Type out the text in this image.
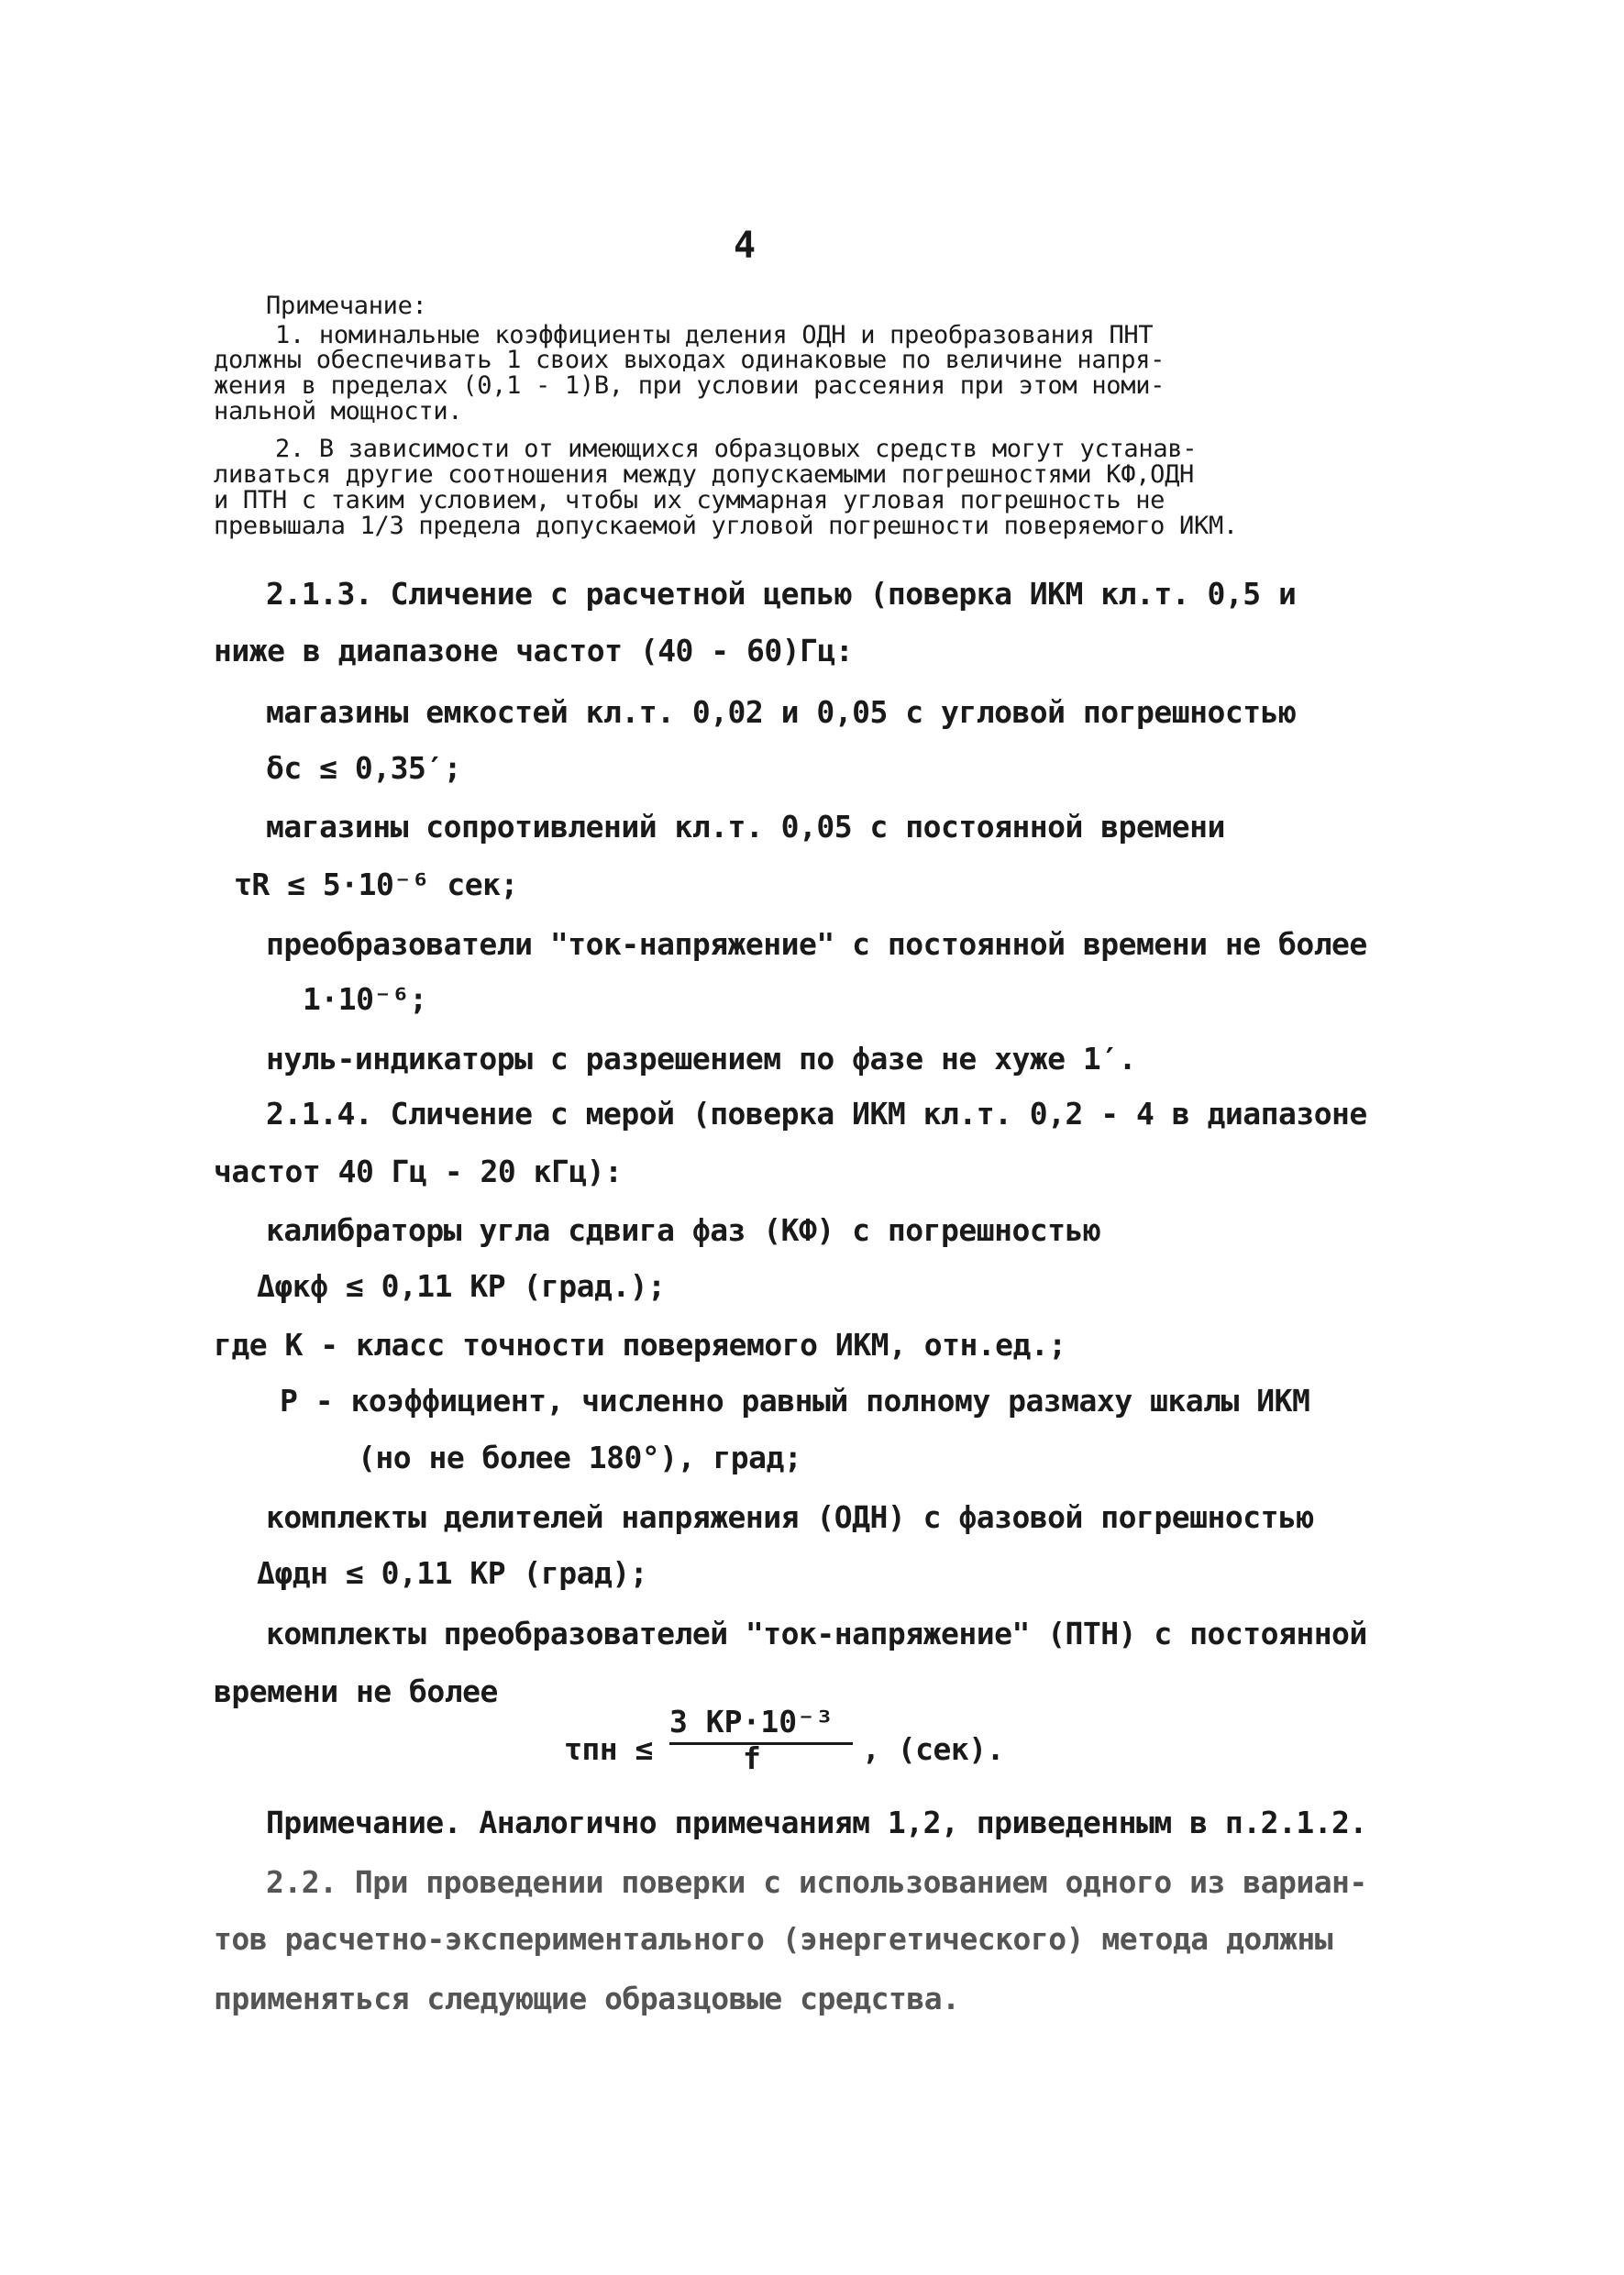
4
Примечание:
1. номинальные коэффициенты деления ОДН и преобразования ПНТ
должны обеспечивать 1 своих выходах одинаковые по величине напря-
жения в пределах (0,1 - 1)В, при условии рассеяния при этом номи-
нальной мощности.
2. В зависимости от имеющихся образцовых средств могут устанав-
ливаться другие соотношения между допускаемыми погрешностями КФ,ОДН
и ПТН с таким условием, чтобы их суммарная угловая погрешность не
превышала 1/3 предела допускаемой угловой погрешности поверяемого ИКМ.
2.1.3. Сличение с расчетной цепью (поверка ИКМ кл.т. 0,5 и
ниже в диапазоне частот (40 - 60)Гц:
магазины емкостей кл.т. 0,02 и 0,05 с угловой погрешностью
δс ≤ 0,35′;
магазины сопротивлений кл.т. 0,05 с постоянной времени
τR ≤ 5·10⁻⁶ сек;
преобразователи "ток-напряжение" с постоянной времени не более
1·10⁻⁶;
нуль-индикаторы с разрешением по фазе не хуже 1′.
2.1.4. Сличение с мерой (поверка ИКМ кл.т. 0,2 - 4 в диапазоне
частот 40 Гц - 20 кГц):
калибраторы угла сдвига фаз (КФ) с погрешностью
Δφкф ≤ 0,11 КР (град.);
где К - класс точности поверяемого ИКМ, отн.ед.;
Р - коэффициент, численно равный полному размаху шкалы ИКМ
(но не более 180°), град;
комплекты делителей напряжения (ОДН) с фазовой погрешностью
Δφдн ≤ 0,11 КР (град);
комплекты преобразователей "ток-напряжение" (ПТН) с постоянной
времени не более
τпн ≤
3 КР·10⁻³
f	, (сек).
Примечание. Аналогично примечаниям 1,2, приведенным в п.2.1.2.
2.2. При проведении поверки с использованием одного из вариан-
тов расчетно-экспериментального (энергетического) метода должны
применяться следующие образцовые средства.
